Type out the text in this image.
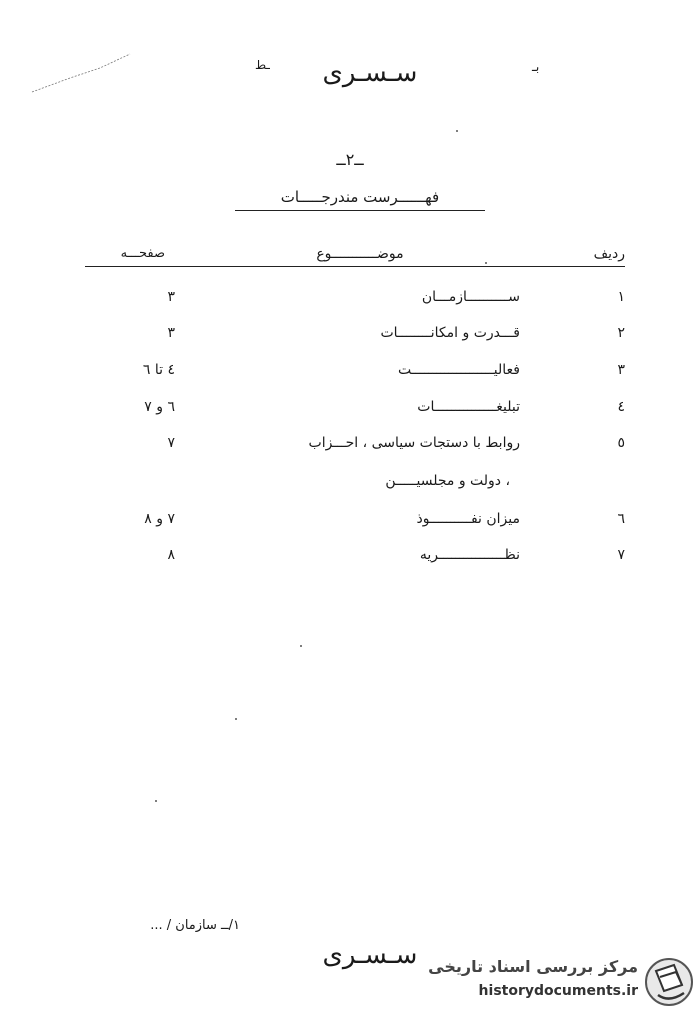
ـط	سـسـرى	بـ
ــ۲ــ
فهــــــرست مندرجـــــات
ردیف
موضـــــــــــوع
صفحـــه
۱
ســــــــــازمـــان
۳
۲
قـــدرت و امکانــــــــات
۳
۳
فعالیــــــــــــــــــــت
٤ تا ٦
٤
تبلیغـــــــــــــــات
٦ و ۷
٥
روابط با دستجات سیاسی ، احـــزاب
۷
، دولت و مجلسیـــــن
٦
میزان نفــــــــــوذ
۷ و ۸
۷
نظــــــــــــــــریه
۸
۱/ــ سازمان / ...
سـسـرى مرکز بررسی اسناد تاریخی
historydocuments.ir
